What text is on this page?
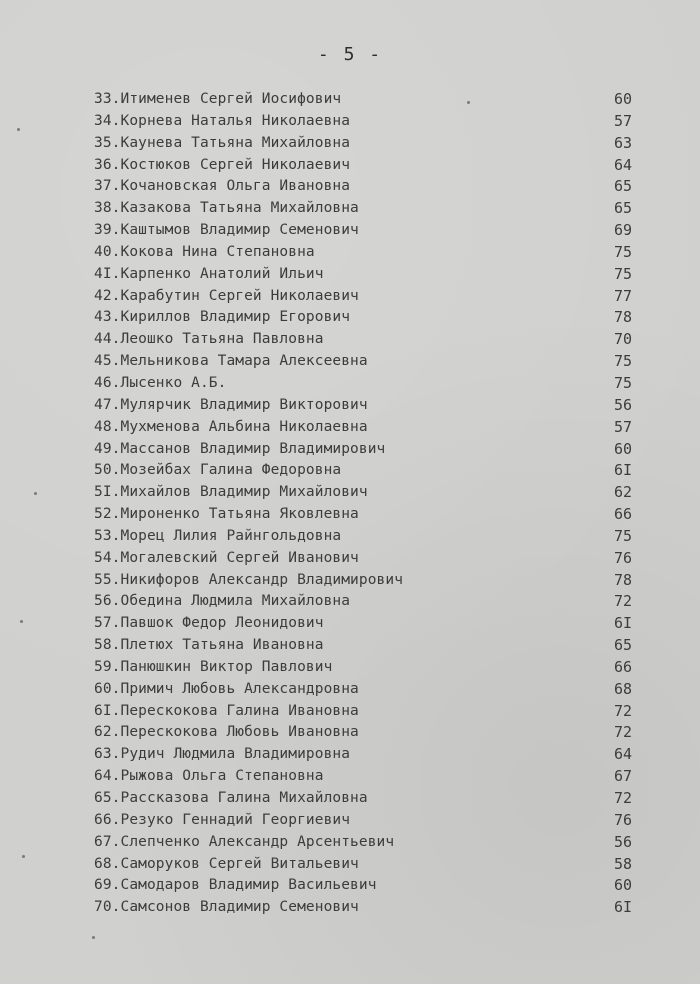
- 5 -
33.Итименев Сергей Иосифович	60
34.Корнева Наталья Николаевна	57
35.Каунева Татьяна Михайловна	63
36.Костюков Сергей Николаевич	64
37.Кочановская Ольга Ивановна	65
38.Казакова Татьяна Михайловна	65
39.Каштымов Владимир Семенович	69
40.Кокова Нина Степановна	75
4I.Карпенко Анатолий Ильич	75
42.Карабутин Сергей Николаевич	77
43.Кириллов Владимир Егорович	78
44.Леошко Татьяна Павловна	70
45.Мельникова Тамара Алексеевна	75
46.Лысенко А.Б.	75
47.Мулярчик Владимир Викторович	56
48.Мухменова Альбина Николаевна	57
49.Массанов Владимир Владимирович	60
50.Мозейбах Галина Федоровна	6I
5I.Михайлов Владимир Михайлович	62
52.Мироненко Татьяна Яковлевна	66
53.Морец Лилия Райнгольдовна	75
54.Могалевский Сергей Иванович	76
55.Никифоров Александр Владимирович	78
56.Обедина Людмила Михайловна	72
57.Павшок Федор Леонидович	6I
58.Плетюх Татьяна Ивановна	65
59.Панюшкин Виктор Павлович	66
60.Примич Любовь Александровна	68
6I.Перескокова Галина Ивановна	72
62.Перескокова Любовь Ивановна	72
63.Рудич Людмила Владимировна	64
64.Рыжова Ольга Степановна	67
65.Рассказова Галина Михайловна	72
66.Резуко Геннадий Георгиевич	76
67.Слепченко Александр Арсентьевич	56
68.Саморуков Сергей Витальевич	58
69.Самодаров Владимир Васильевич	60
70.Самсонов Владимир Семенович	6I
